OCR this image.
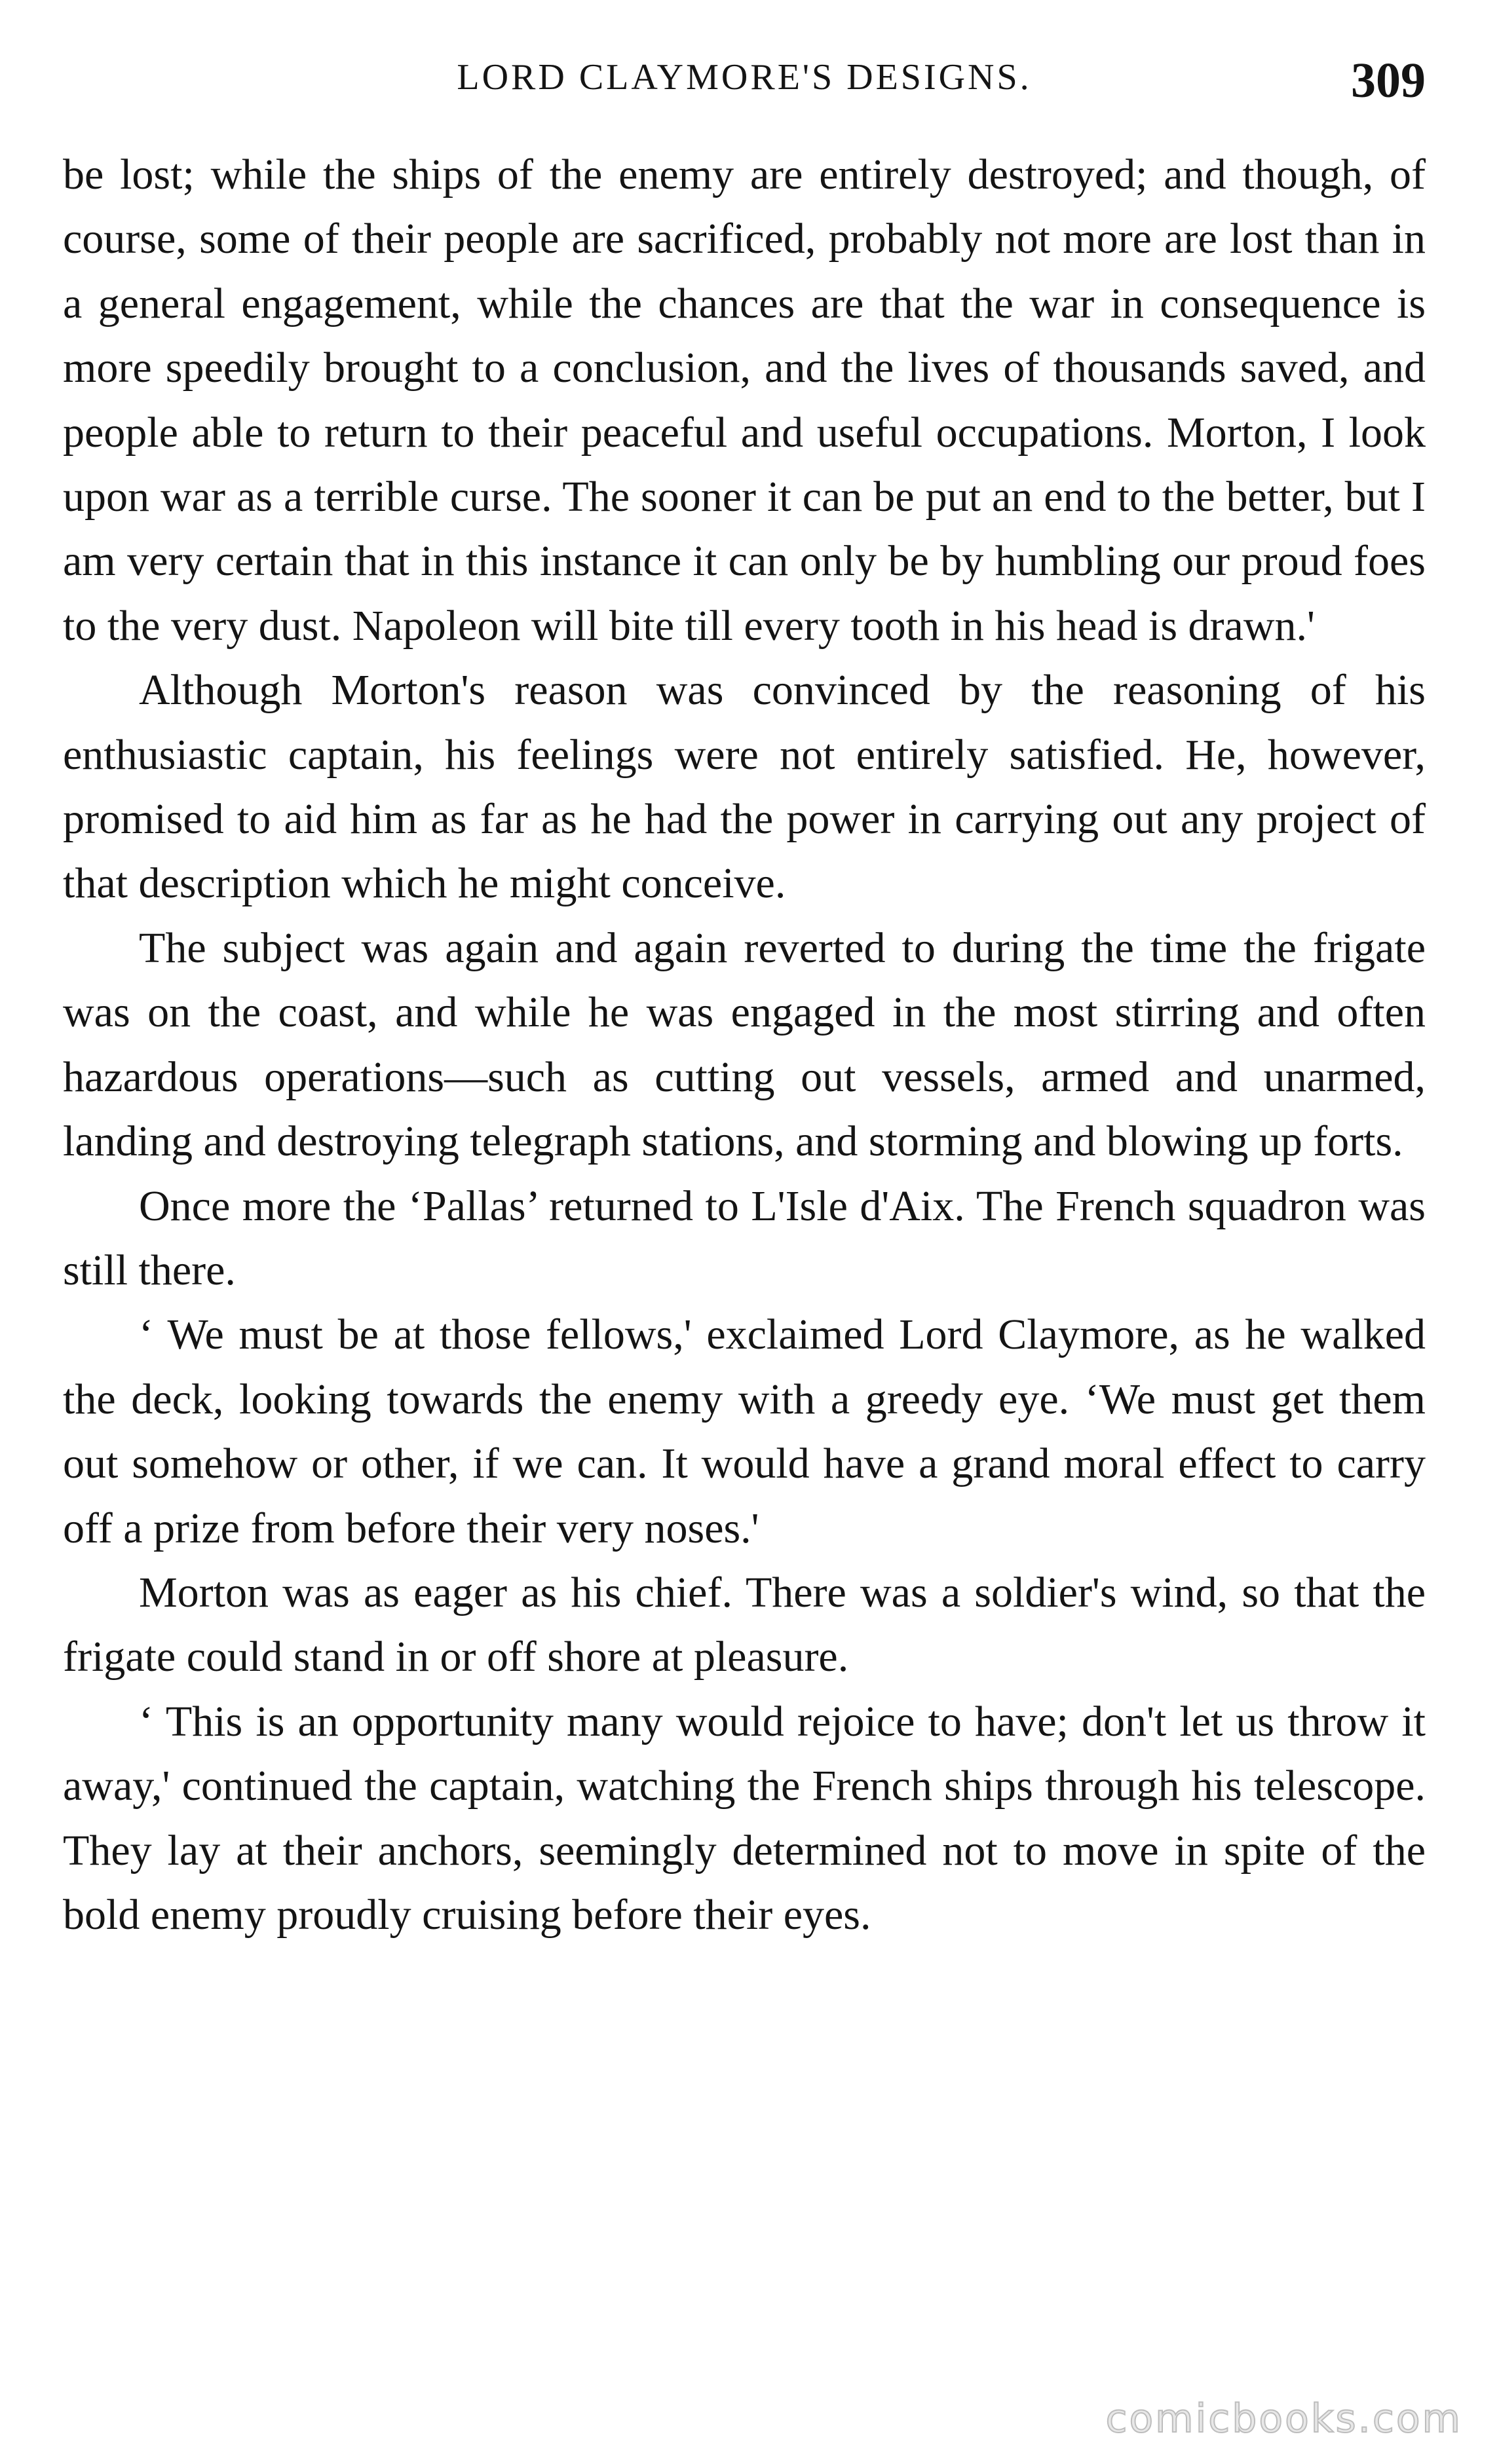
LORD CLAYMORE'S DESIGNS.	309

be lost; while the ships of the enemy are entirely destroyed; and though, of course, some of their people are sacrificed, probably not more are lost than in a general engagement, while the chances are that the war in consequence is more speedily brought to a conclusion, and the lives of thousands saved, and people able to return to their peaceful and useful occupations. Morton, I look upon war as a terrible curse. The sooner it can be put an end to the better, but I am very certain that in this instance it can only be by humbling our proud foes to the very dust. Napoleon will bite till every tooth in his head is drawn.'

Although Morton's reason was convinced by the reasoning of his enthusiastic captain, his feelings were not entirely satisfied. He, however, promised to aid him as far as he had the power in carrying out any project of that description which he might conceive.

The subject was again and again reverted to during the time the frigate was on the coast, and while he was engaged in the most stirring and often hazardous operations—such as cutting out vessels, armed and unarmed, landing and destroying telegraph stations, and storming and blowing up forts.

Once more the ‘Pallas’ returned to L'Isle d'Aix. The French squadron was still there.

‘ We must be at those fellows,' exclaimed Lord Claymore, as he walked the deck, looking towards the enemy with a greedy eye. ‘We must get them out somehow or other, if we can. It would have a grand moral effect to carry off a prize from before their very noses.'

Morton was as eager as his chief. There was a soldier's wind, so that the frigate could stand in or off shore at pleasure.

‘ This is an opportunity many would rejoice to have; don't let us throw it away,' continued the captain, watching the French ships through his telescope. They lay at their anchors, seemingly determined not to move in spite of the bold enemy proudly cruising before their eyes.

comicbooks.com
